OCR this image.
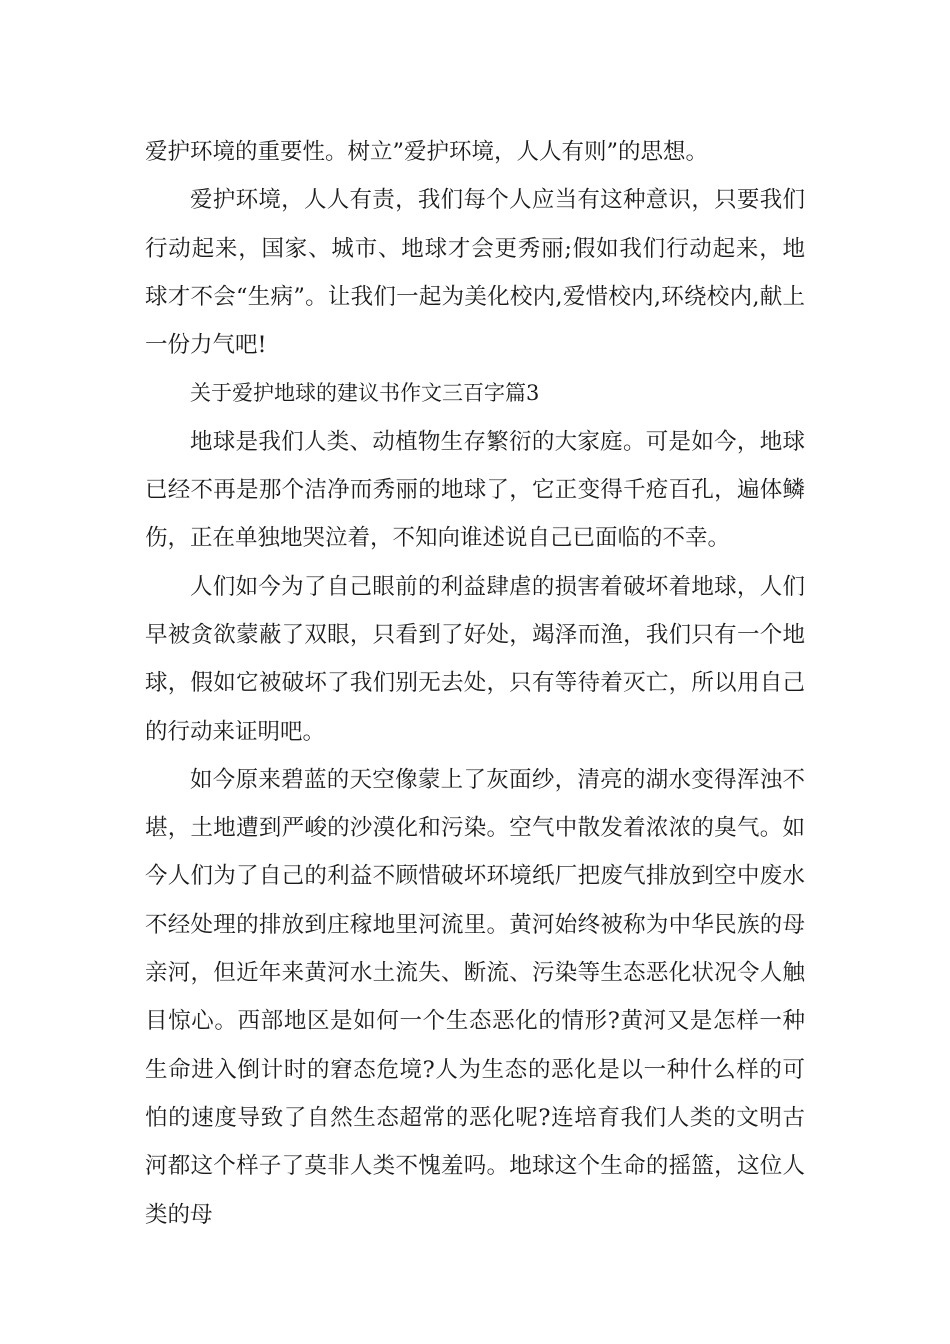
爱护环境的重要性。树立”爱护环境，人人有则”的思想。

爱护环境，人人有责，我们每个人应当有这种意识，只要我们行动起来，国家、城市、地球才会更秀丽;假如我们行动起来，地球才不会“生病”。让我们一起为美化校内,爱惜校内,环绕校内,献上一份力气吧!

关于爱护地球的建议书作文三百字篇3

地球是我们人类、动植物生存繁衍的大家庭。可是如今，地球已经不再是那个洁净而秀丽的地球了，它正变得千疮百孔，遍体鳞伤，正在单独地哭泣着，不知向谁述说自己已面临的不幸。

人们如今为了自己眼前的利益肆虐的损害着破坏着地球，人们早被贪欲蒙蔽了双眼，只看到了好处，竭泽而渔，我们只有一个地球，假如它被破坏了我们别无去处，只有等待着灭亡，所以用自己的行动来证明吧。

如今原来碧蓝的天空像蒙上了灰面纱，清亮的湖水变得浑浊不堪，土地遭到严峻的沙漠化和污染。空气中散发着浓浓的臭气。如今人们为了自己的利益不顾惜破坏环境纸厂把废气排放到空中废水不经处理的排放到庄稼地里河流里。黄河始终被称为中华民族的母亲河，但近年来黄河水土流失、断流、污染等生态恶化状况令人触目惊心。西部地区是如何一个生态恶化的情形?黄河又是怎样一种生命进入倒计时的窘态危境?人为生态的恶化是以一种什么样的可怕的速度导致了自然生态超常的恶化呢?连培育我们人类的文明古河都这个样子了莫非人类不愧羞吗。地球这个生命的摇篮，这位人类的母
